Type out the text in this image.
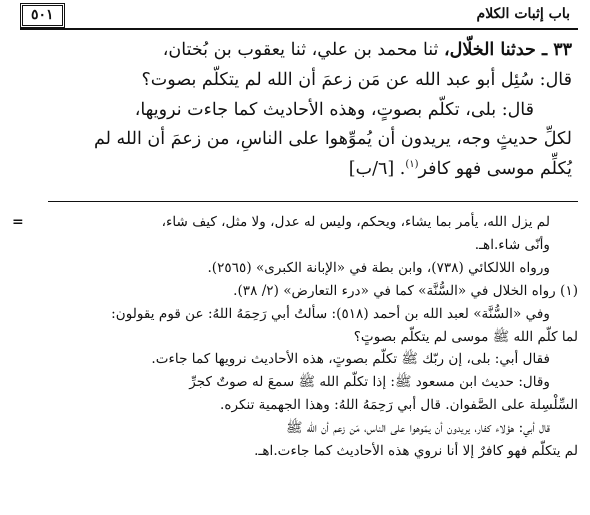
باب إثبات الكلام
٥٠١

٣٣ ـ حدثنا الخلّال، ثنا محمد بن علي، ثنا يعقوب بن بُختان،

قال: سُئِل أبو عبد الله عن مَن زعمَ أن الله لم يتكلّم بصوت؟

قال: بلى، تكلّم بصوتٍ، وهذه الأحاديث كما جاءت نرويها،

لكلِّ حديثٍ وجه، يريدون أن يُموِّهوا على الناسِ، من زعمَ أن الله لم

يُكلِّم موسى فهو كافر$^{(١)}$. [٦/ب]

=	لم يزل الله، يأمر بما يشاء، ويحكم، وليس له عدل، ولا مثل، كيف شاء،

وأنّى شاء.اهـ.

ورواه اللالكائي (٧٣٨)، وابن بطة في «الإبانة الكبرى» (٢٥٦٥).

(١) رواه الخلال في «السُّنَّة» كما في «درء التعارض» (٢/ ٣٨).

وفي «السُّنَّة» لعبد الله بن أحمد (٥١٨): سألتُ أبي رَحِمَهُ اللهُ: عن قوم يقولون:

لما كلّم الله ﷺ موسى لم يتكلّم بصوتٍ؟

فقال أبي: بلى، إن ربّك ﷺ تكلّم بصوتٍ، هذه الأحاديث نرويها كما جاءت.

وقال: حديث ابن مسعود ﷺ: إذا تكلّم الله ﷺ سمعَ له صوتٌ كجرِّ

السِّلْسِلة على الصَّفوان. قال أبي رَحِمَهُ اللهُ: وهذا الجهمية تنكره.

قال أبي: هؤلاء كفار، يريدون أن يمّوهوا على الناس، مَن زعم أن الله ﷺ

لم يتكلّم فهو كافرٌ إلا أنا نروي هذه الأحاديث كما جاءت.اهـ.
